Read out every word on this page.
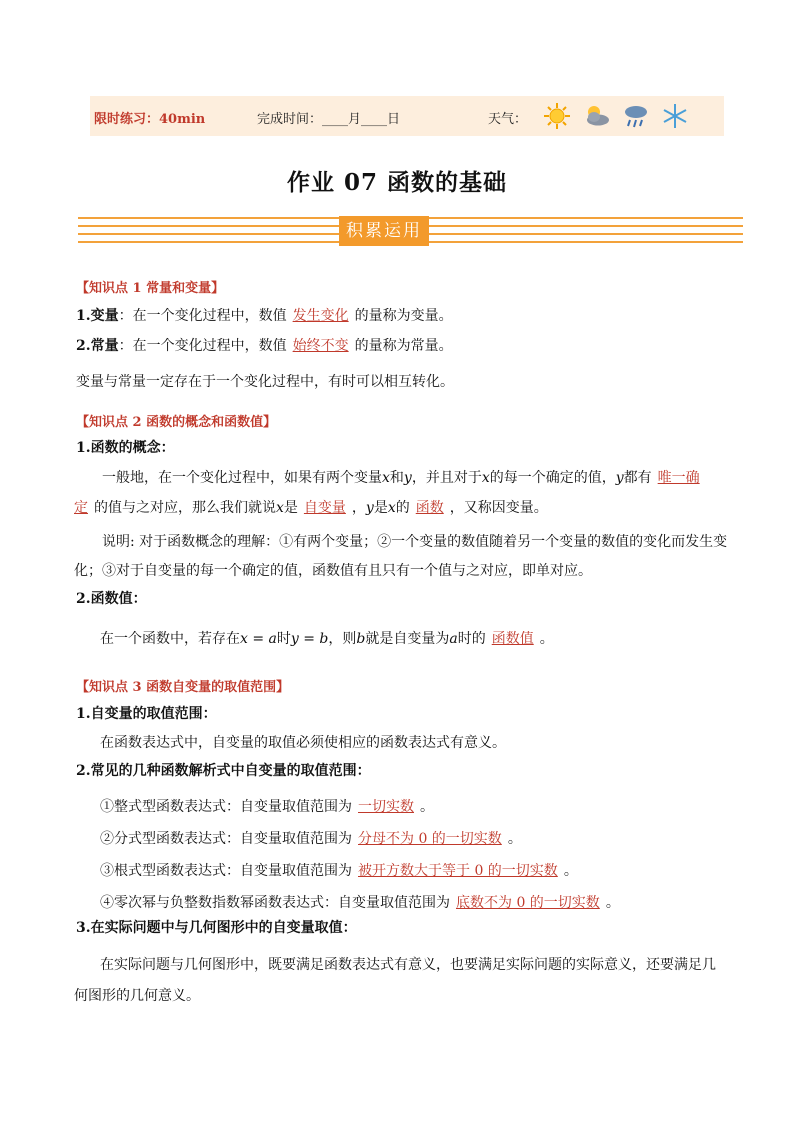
限时练习：40min	完成时间：____月____日	天气：
作业 07 函数的基础
积累运用
【知识点 1 常量和变量】
1.变量：在一个变化过程中，数值 发生变化 的量称为变量。
2.常量：在一个变化过程中，数值 始终不变 的量称为常量。
变量与常量一定存在于一个变化过程中，有时可以相互转化。
【知识点 2 函数的概念和函数值】
1.函数的概念：
一般地，在一个变化过程中，如果有两个变量x和y，并且对于x的每一个确定的值，y都有 唯一确
定 的值与之对应，那么我们就说x是 自变量 ，y是x的 函数 ，又称因变量。
说明: 对于函数概念的理解：①有两个变量；②一个变量的数值随着另一个变量的数值的变化而发生变
化；③对于自变量的每一个确定的值，函数值有且只有一个值与之对应，即单对应。
2.函数值：
在一个函数中，若存在x = a时y = b，则b就是自变量为a时的 函数值 。
【知识点 3 函数自变量的取值范围】
1.自变量的取值范围：
在函数表达式中，自变量的取值必须使相应的函数表达式有意义。
2.常见的几种函数解析式中自变量的取值范围：
①整式型函数表达式：自变量取值范围为 一切实数 。
②分式型函数表达式：自变量取值范围为 分母不为 0 的一切实数 。
③根式型函数表达式：自变量取值范围为 被开方数大于等于 0 的一切实数 。
④零次幂与负整数指数幂函数表达式：自变量取值范围为 底数不为 0 的一切实数 。
3.在实际问题中与几何图形中的自变量取值：
在实际问题与几何图形中，既要满足函数表达式有意义，也要满足实际问题的实际意义，还要满足几
何图形的几何意义。
